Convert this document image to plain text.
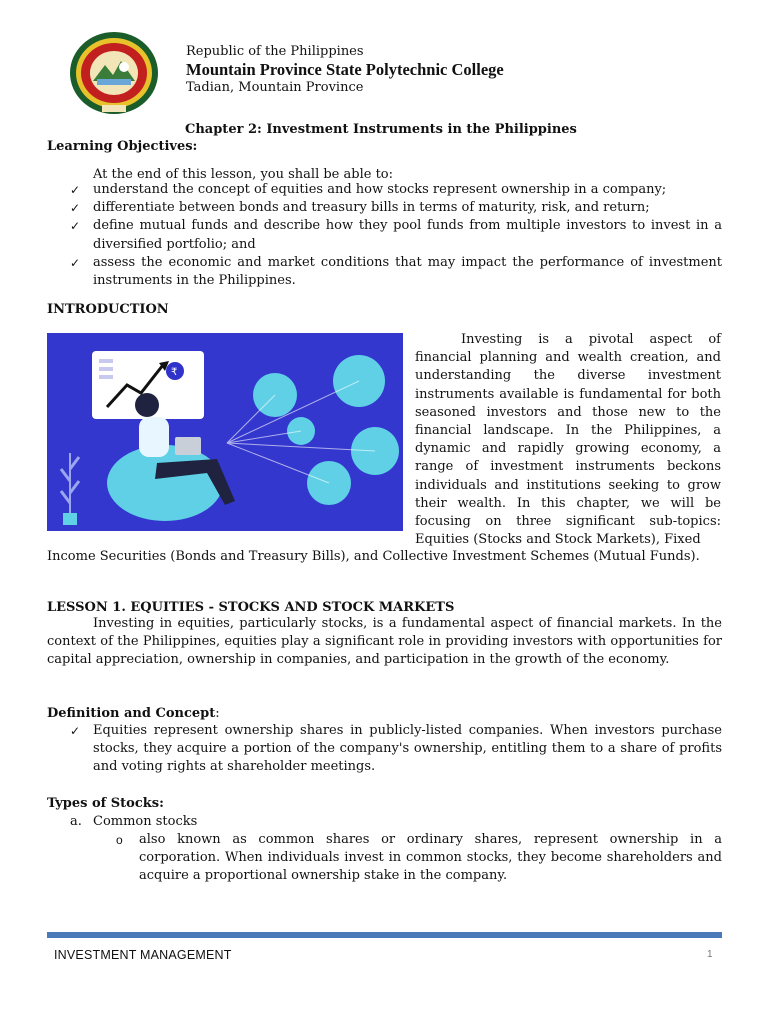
Republic of the Philippines
Mountain Province State Polytechnic College
Tadian, Mountain Province
Chapter 2: Investment Instruments in the Philippines
Learning Objectives:
At the end of this lesson, you shall be able to:
✓ understand the concept of equities and how stocks represent ownership in a company;
✓ differentiate between bonds and treasury bills in terms of maturity, risk, and return;
✓ define mutual funds and describe how they pool funds from multiple investors to invest in a diversified portfolio; and
✓ assess the economic and market conditions that may impact the performance of investment instruments in the Philippines.
INTRODUCTION
₹
Investing is a pivotal aspect of financial planning and wealth creation, and understanding the diverse investment instruments available is fundamental for both seasoned investors and those new to the financial landscape. In the Philippines, a dynamic and rapidly growing economy, a range of investment instruments beckons individuals and institutions seeking to grow their wealth. In this chapter, we will be focusing on three significant sub-topics: Equities (Stocks and Stock Markets), Fixed
Income Securities (Bonds and Treasury Bills), and Collective Investment Schemes (Mutual Funds).
LESSON 1. EQUITIES - STOCKS AND STOCK MARKETS
Investing in equities, particularly stocks, is a fundamental aspect of financial markets. In the context of the Philippines, equities play a significant role in providing investors with opportunities for capital appreciation, ownership in companies, and participation in the growth of the economy.
Definition and Concept:
✓ Equities represent ownership shares in publicly-listed companies. When investors purchase stocks, they acquire a portion of the company's ownership, entitling them to a share of profits and voting rights at shareholder meetings.
Types of Stocks:
a. Common stocks
o also known as common shares or ordinary shares, represent ownership in a corporation. When individuals invest in common stocks, they become shareholders and acquire a proportional ownership stake in the company.
INVESTMENT MANAGEMENT	1
